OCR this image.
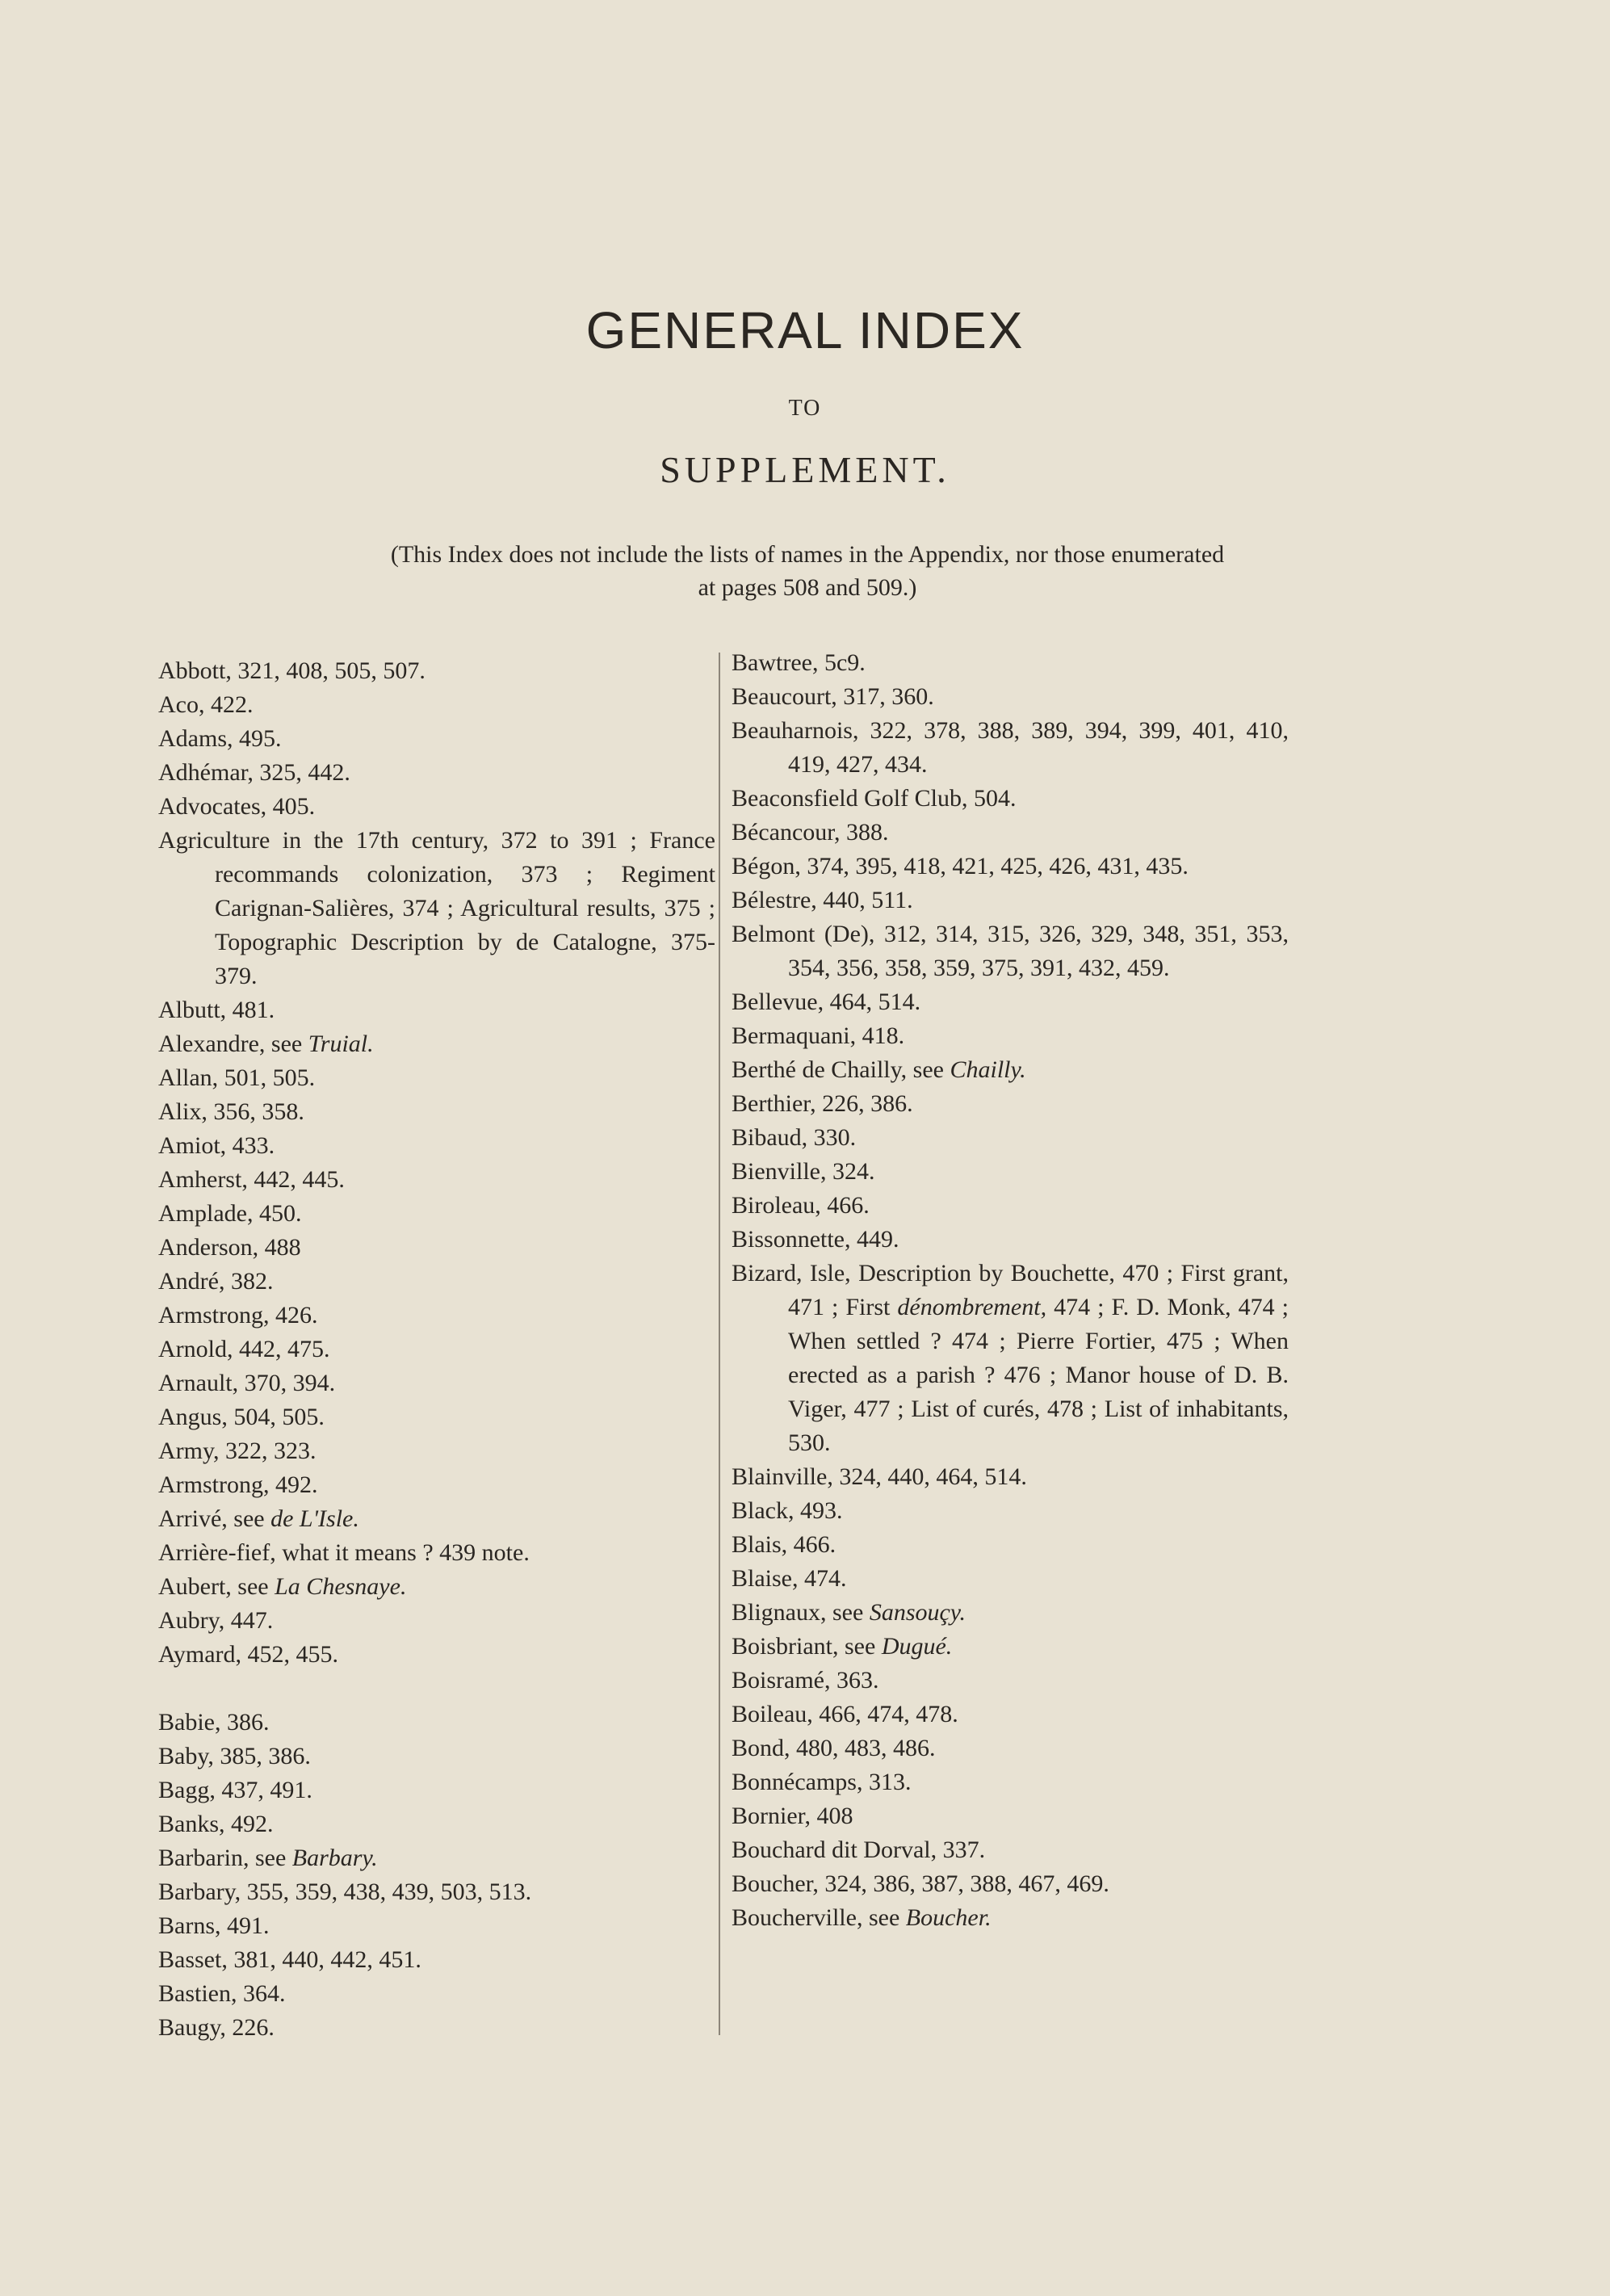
GENERAL INDEX
TO
SUPPLEMENT.
(This Index does not include the lists of names in the Appendix, nor those enumerated
at pages 508 and 509.)
Abbott, 321, 408, 505, 507.
Aco, 422.
Adams, 495.
Adhémar, 325, 442.
Advocates, 405.
Agriculture in the 17th century, 372 to 391 ; France recommands colonization, 373 ; Regiment Carignan-Salières, 374 ; Agricultural results, 375 ; Topographic Description by de Catalogne, 375-379.
Albutt, 481.
Alexandre, see Truial.
Allan, 501, 505.
Alix, 356, 358.
Amiot, 433.
Amherst, 442, 445.
Amplade, 450.
Anderson, 488
André, 382.
Armstrong, 426.
Arnold, 442, 475.
Arnault, 370, 394.
Angus, 504, 505.
Army, 322, 323.
Armstrong, 492.
Arrivé, see de L'Isle.
Arrière-fief, what it means ? 439 note.
Aubert, see La Chesnaye.
Aubry, 447.
Aymard, 452, 455.
Babie, 386.
Baby, 385, 386.
Bagg, 437, 491.
Banks, 492.
Barbarin, see Barbary.
Barbary, 355, 359, 438, 439, 503, 513.
Barns, 491.
Basset, 381, 440, 442, 451.
Bastien, 364.
Baugy, 226.
Bawtree, 5c9.
Beaucourt, 317, 360.
Beauharnois, 322, 378, 388, 389, 394, 399, 401, 410, 419, 427, 434.
Beaconsfield Golf Club, 504.
Bécancour, 388.
Bégon, 374, 395, 418, 421, 425, 426, 431, 435.
Bélestre, 440, 511.
Belmont (De), 312, 314, 315, 326, 329, 348, 351, 353, 354, 356, 358, 359, 375, 391, 432, 459.
Bellevue, 464, 514.
Bermaquani, 418.
Berthé de Chailly, see Chailly.
Berthier, 226, 386.
Bibaud, 330.
Bienville, 324.
Biroleau, 466.
Bissonnette, 449.
Bizard, Isle, Description by Bouchette, 470 ; First grant, 471 ; First dénombrement, 474 ; F. D. Monk, 474 ; When settled ? 474 ; Pierre Fortier, 475 ; When erected as a parish ? 476 ; Manor house of D. B. Viger, 477 ; List of curés, 478 ; List of inhabitants, 530.
Blainville, 324, 440, 464, 514.
Black, 493.
Blais, 466.
Blaise, 474.
Blignaux, see Sansouçy.
Boisbriant, see Dugué.
Boisramé, 363.
Boileau, 466, 474, 478.
Bond, 480, 483, 486.
Bonnécamps, 313.
Bornier, 408
Bouchard dit Dorval, 337.
Boucher, 324, 386, 387, 388, 467, 469.
Boucherville, see Boucher.
